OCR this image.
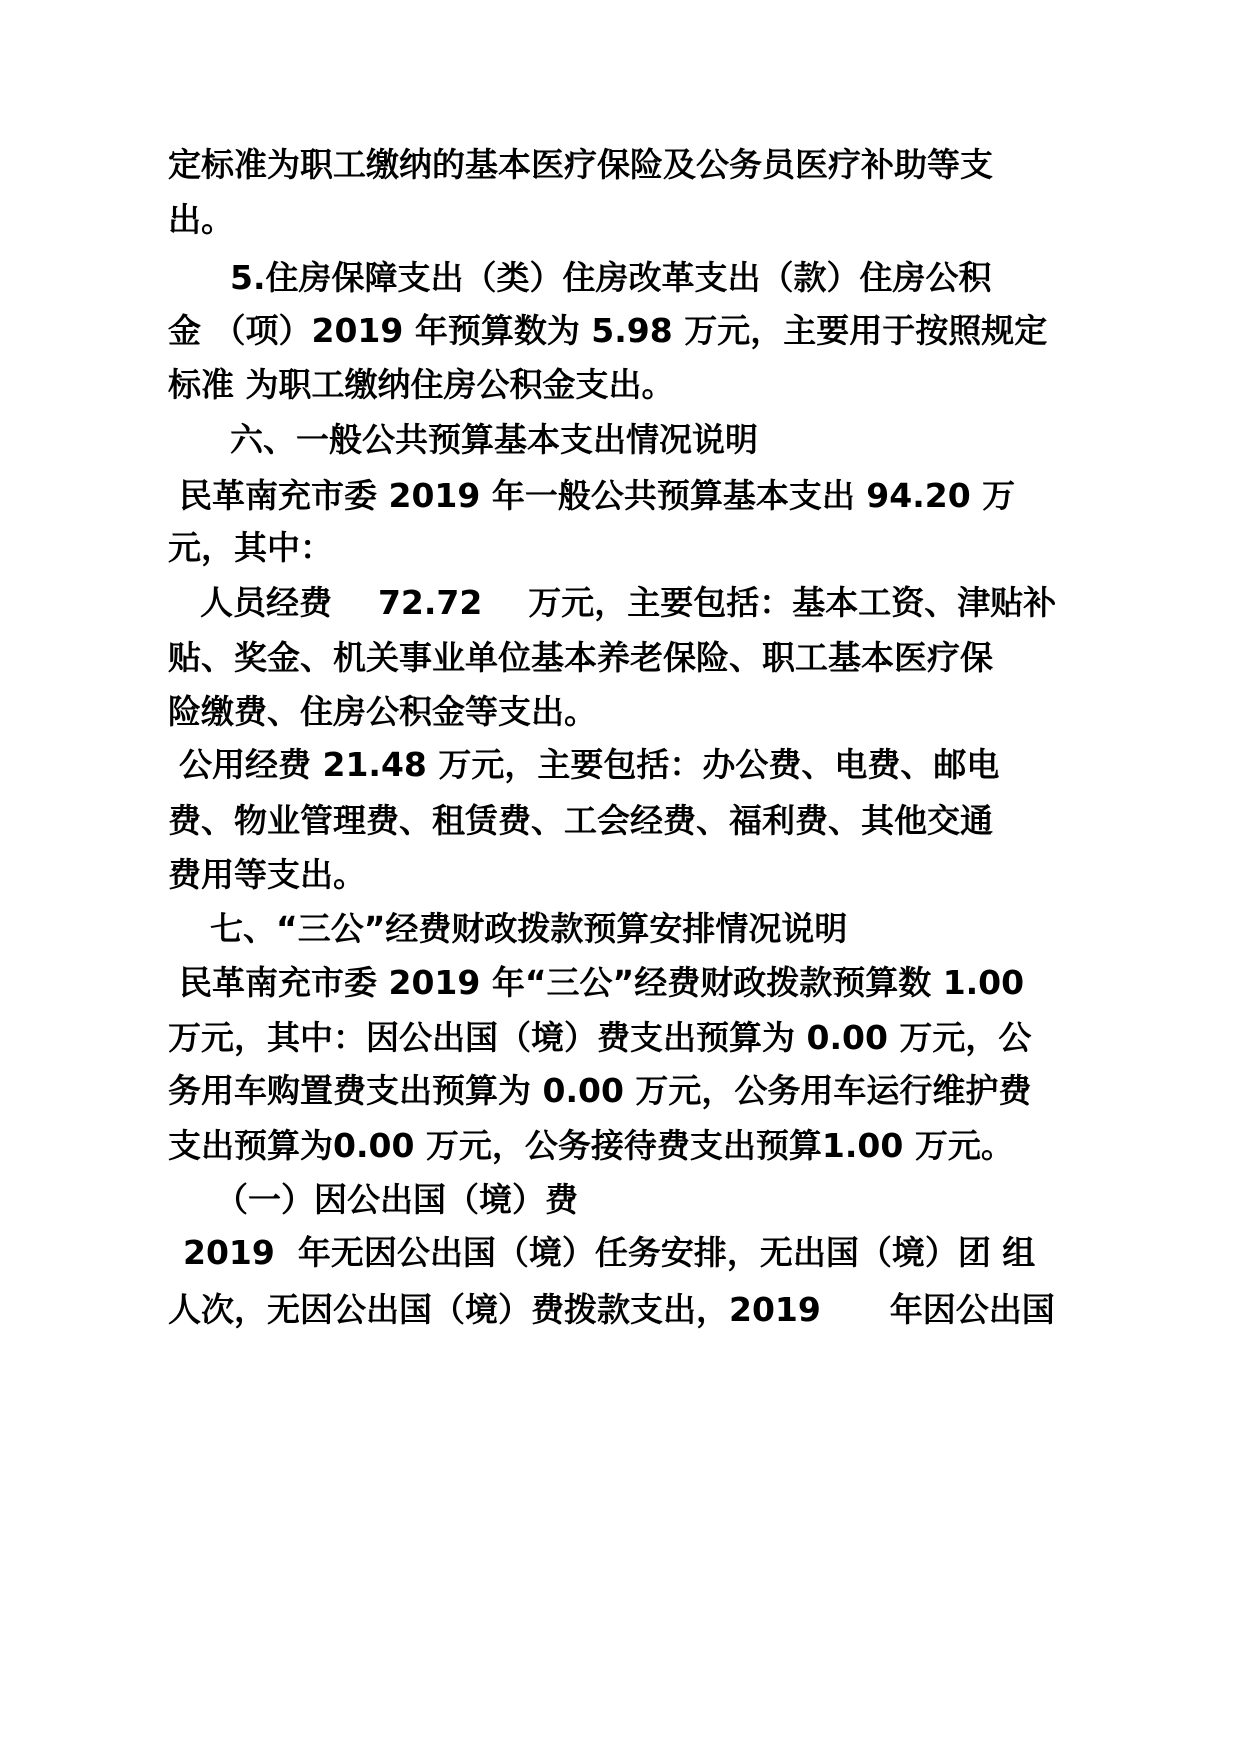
定标准为职工缴纳的基本医疗保险及公务员医疗补助等支
出。
5.住房保障支出（类）住房改革支出（款）住房公积
金 （项）2019 年预算数为 5.98 万元，主要用于按照规定
标准 为职工缴纳住房公积金支出。
六、一般公共预算基本支出情况说明
民革南充市委 2019 年一般公共预算基本支出 94.20 万
元，其中：
人员经费    72.72    万元，主要包括：基本工资、津贴补
贴、奖金、机关事业单位基本养老保险、职工基本医疗保
险缴费、住房公积金等支出。
公用经费 21.48 万元，主要包括：办公费、电费、邮电
费、物业管理费、租赁费、工会经费、福利费、其他交通
费用等支出。
七、“三公”经费财政拨款预算安排情况说明
民革南充市委 2019 年“三公”经费财政拨款预算数 1.00
万元，其中：因公出国（境）费支出预算为 0.00 万元，公
务用车购置费支出预算为 0.00 万元，公务用车运行维护费
支出预算为0.00 万元，公务接待费支出预算1.00 万元。
（一）因公出国（境）费
2019  年无因公出国（境）任务安排，无出国（境）团 组
人次，无因公出国（境）费拨款支出，2019      年因公出国
